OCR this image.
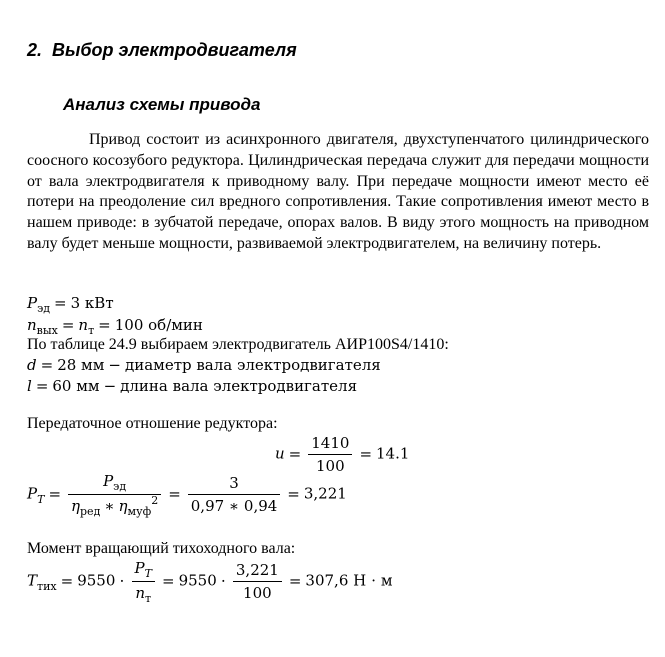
2. Выбор электродвигателя
Анализ схемы привода
Привод состоит из асинхронного двигателя, двухступенчатого цилиндрического соосного косозубого редуктора. Цилиндрическая передача служит для передачи мощности от вала электродвигателя к приводному валу. При передаче мощности имеют место её потери на преодоление сил вредного сопротивления. Такие сопротивления имеют место в нашем приводе: в зубчатой передаче, опорах валов. В виду этого мощность на приводном валу будет меньше мощности, развиваемой электродвигателем, на величину потерь.
$P_{эд} = 3$ кВт
$n_{вых} = n_т = 100$ об/мин
По таблице 24.9 выбираем электродвигатель АИР100S4/1410:
d = 28 мм − диаметр вала электродвигателя
l = 60 мм − длина вала электродвигателя
Передаточное отношение редуктора:
$u = \frac{1410}{100} = 14.1$
$P_T = \frac{P_{эд}}{\eta_{ред} ∗ \eta_{муф}^2} = \frac{3}{0,97 ∗ 0,94} = 3,221$
Момент вращающий тихоходного вала:
$T_{тих} = 9550 \cdot \frac{P_T}{n_т} = 9550 \cdot \frac{3,221}{100} = 307,6$ Н ⋅ м
